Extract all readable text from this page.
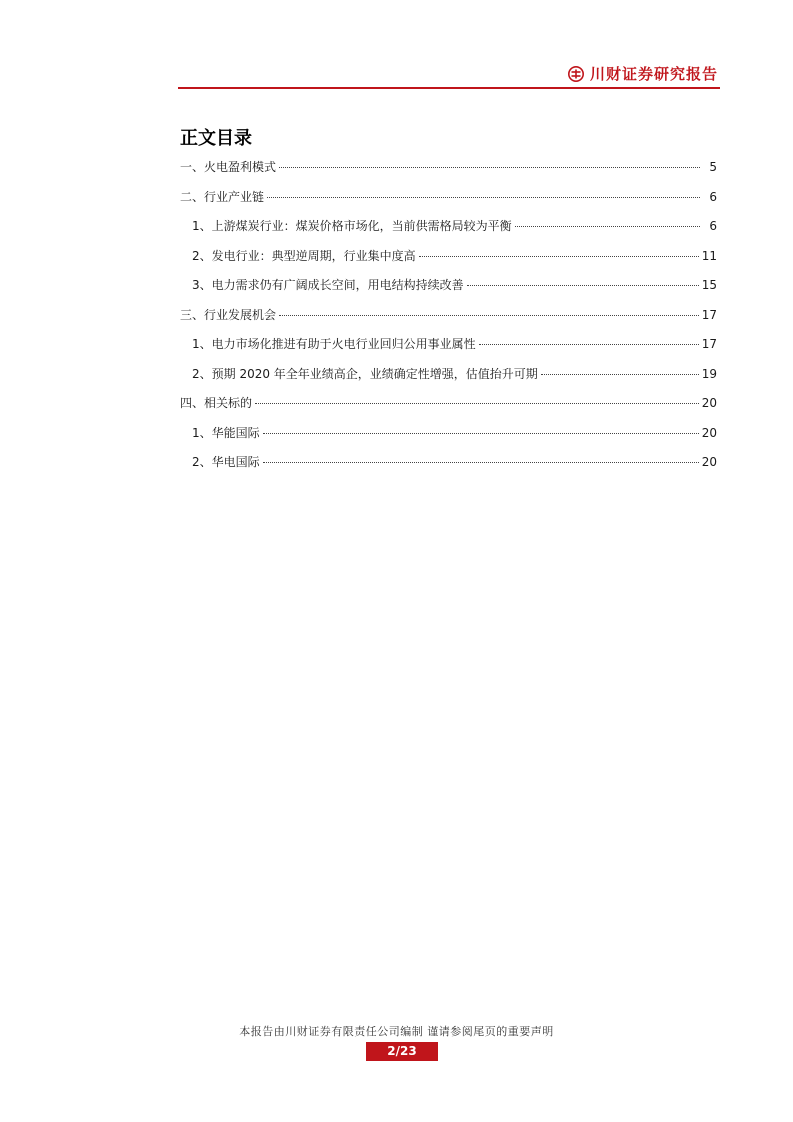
川财证券研究报告
正文目录
一、火电盈利模式	5
二、行业产业链	6
1、上游煤炭行业：煤炭价格市场化，当前供需格局较为平衡	6
2、发电行业：典型逆周期，行业集中度高	11
3、电力需求仍有广阔成长空间，用电结构持续改善	15
三、行业发展机会	17
1、电力市场化推进有助于火电行业回归公用事业属性	17
2、预期 2020 年全年业绩高企，业绩确定性增强，估值抬升可期	19
四、相关标的	20
1、华能国际	20
2、华电国际	20
本报告由川财证券有限责任公司编制 谨请参阅尾页的重要声明
2/23
